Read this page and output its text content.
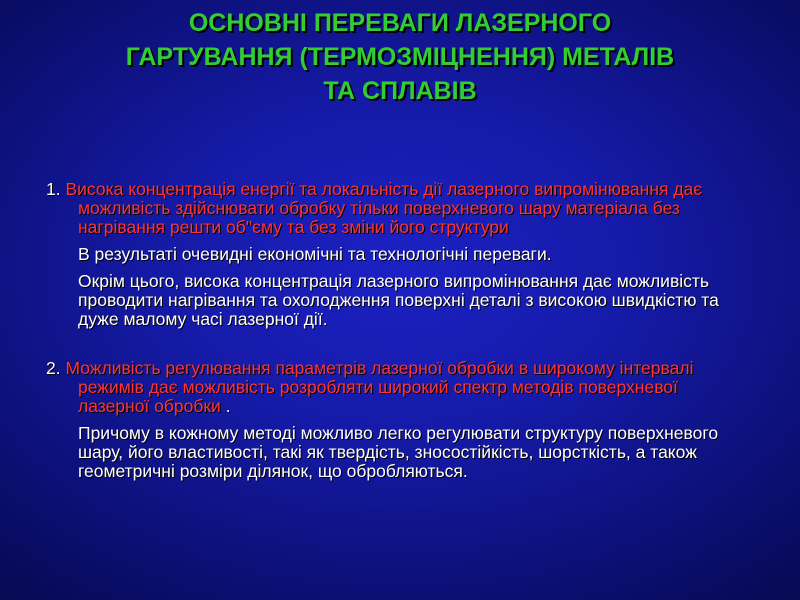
ОСНОВНІ ПЕРЕВАГИ ЛАЗЕРНОГО
ГАРТУВАННЯ (ТЕРМОЗМІЦНЕННЯ) МЕТАЛІВ
ТА СПЛАВІВ

1. Висока концентрація енергії та локальність дії лазерного випромінювання дає можливість здійснювати обробку тільки поверхневого шару матеріала без нагрівання решти об"єму та без зміни його структури

В результаті очевидні економічні та технологічні переваги.

Окрім цього, висока концентрація лазерного випромінювання дає можливість проводити нагрівання та охолодження поверхні деталі з високою швидкістю та дуже малому часі лазерної дії.

2. Можливість регулювання параметрів лазерної обробки в широкому інтервалі режимів дає можливість розробляти широкий спектр методів поверхневої лазерної обробки .

Причому в кожному методі можливо легко регулювати структуру поверхневого шару, його властивості, такі як твердість, зносостійкість, шорсткість, а також геометричні розміри ділянок, що обробляються.
